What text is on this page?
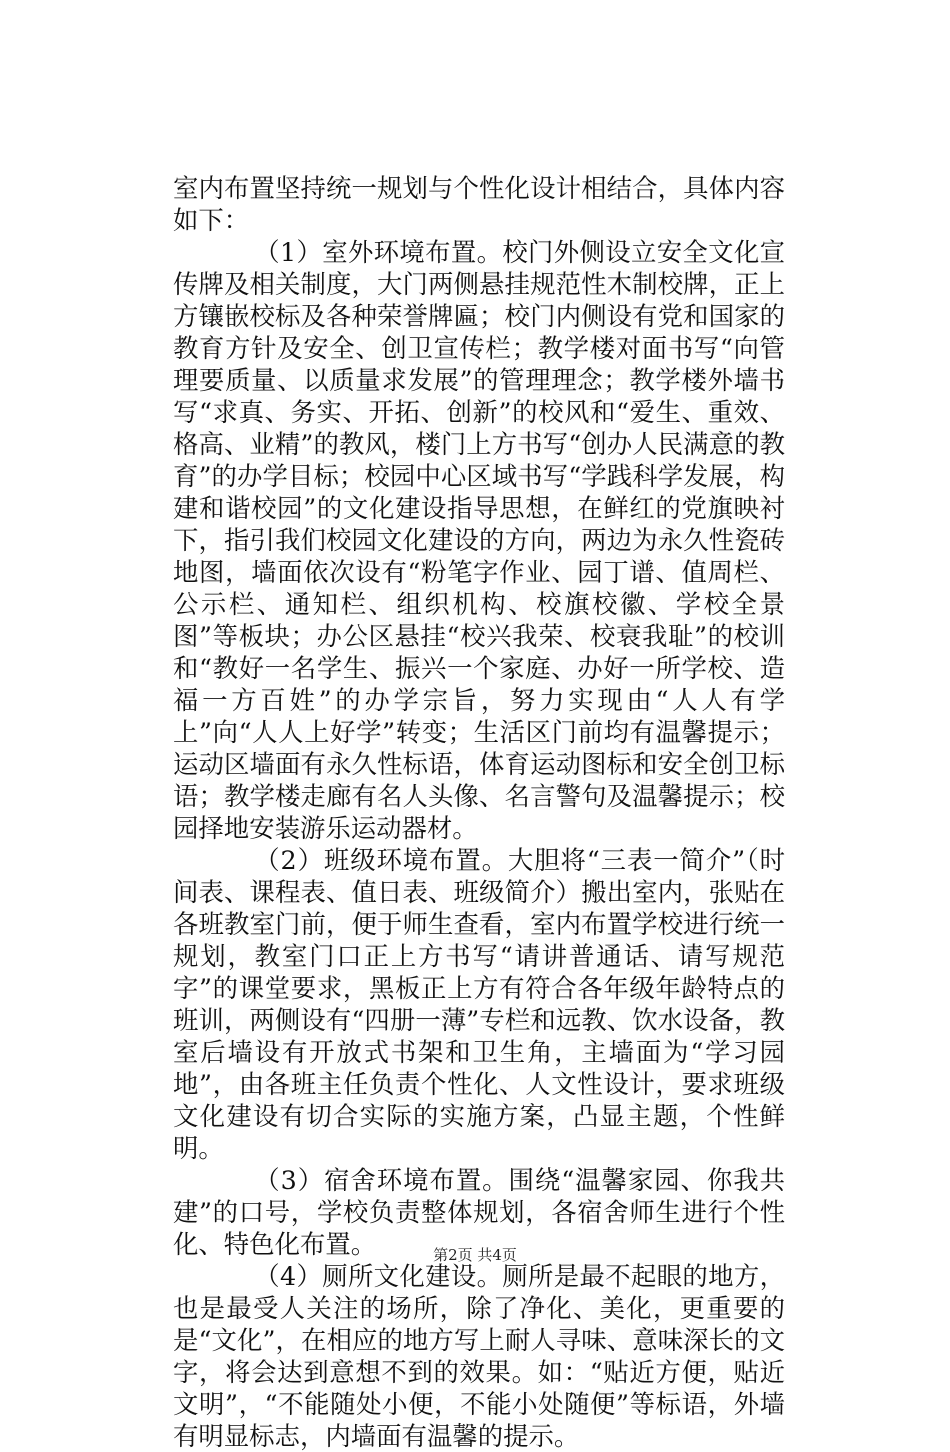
室内布置坚持统一规划与个性化设计相结合，具体内容如下：

（1）室外环境布置。校门外侧设立安全文化宣传牌及相关制度，大门两侧悬挂规范性木制校牌，正上方镶嵌校标及各种荣誉牌匾；校门内侧设有党和国家的教育方针及安全、创卫宣传栏；教学楼对面书写“向管理要质量、以质量求发展”的管理理念；教学楼外墙书写“求真、务实、开拓、创新”的校风和“爱生、重效、格高、业精”的教风，楼门上方书写“创办人民满意的教育”的办学目标；校园中心区域书写“学践科学发展，构建和谐校园”的文化建设指导思想，在鲜红的党旗映衬下，指引我们校园文化建设的方向，两边为永久性瓷砖地图，墙面依次设有“粉笔字作业、园丁谱、值周栏、公示栏、通知栏、组织机构、校旗校徽、学校全景图”等板块；办公区悬挂“校兴我荣、校衰我耻”的校训和“教好一名学生、振兴一个家庭、办好一所学校、造福一方百姓”的办学宗旨，努力实现由“人人有学上”向“人人上好学”转变；生活区门前均有温馨提示；运动区墙面有永久性标语，体育运动图标和安全创卫标语；教学楼走廊有名人头像、名言警句及温馨提示；校园择地安装游乐运动器材。

（2）班级环境布置。大胆将“三表一简介”（时间表、课程表、值日表、班级简介）搬出室内，张贴在各班教室门前，便于师生查看，室内布置学校进行统一规划，教室门口正上方书写“请讲普通话、请写规范字”的课堂要求，黑板正上方有符合各年级年龄特点的班训，两侧设有“四册一薄”专栏和远教、饮水设备，教室后墙设有开放式书架和卫生角，主墙面为“学习园地”，由各班主任负责个性化、人文性设计，要求班级文化建设有切合实际的实施方案，凸显主题，个性鲜明。

（3）宿舍环境布置。围绕“温馨家园、你我共建”的口号，学校负责整体规划，各宿舍师生进行个性化、特色化布置。

（4）厕所文化建设。厕所是最不起眼的地方，也是最受人关注的场所，除了净化、美化，更重要的是“文化”，在相应的地方写上耐人寻味、意味深长的文字，将会达到意想不到的效果。如：“贴近方便，贴近文明”，“不能随处小便，不能小处随便”等标语，外墙有明显标志，内墙面有温馨的提示。

第2页 共4页
